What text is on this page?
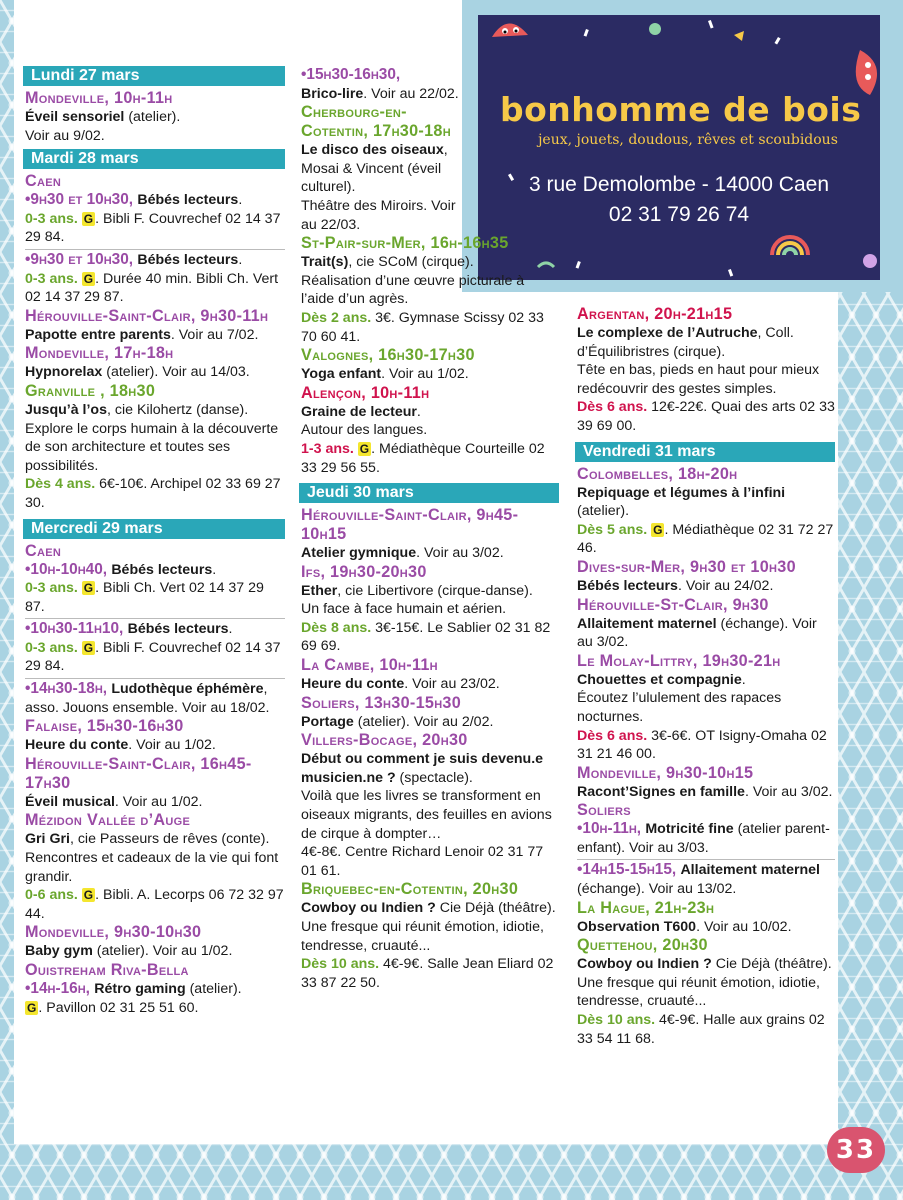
bonhomme de bois
jeux, jouets, doudous, rêves et scoubidous
3 rue Demolombe - 14000 Caen
02 31 79 26 74
Lundi 27 mars
Mondeville, 10h-11h
Éveil sensoriel (atelier).
Voir au 9/02.
Mardi 28 mars
Caen
•9h30 et 10h30, Bébés lecteurs.
0-3 ans. G . Bibli F. Couvrechef 02 14 37 29 84.
•9h30 et 10h30, Bébés lecteurs.
0-3 ans. G . Durée 40 min. Bibli Ch. Vert 02 14 37 29 87.
Hérouville-Saint-Clair, 9h30-11h
Papotte entre parents. Voir au 7/02.
Mondeville, 17h-18h
Hypnorelax (atelier). Voir au 14/03.
Granville , 18h30
Jusqu’à l’os, cie Kilohertz (danse).
Explore le corps humain à la découverte de son architecture et toutes ses possibilités.
Dès 4 ans. 6€-10€. Archipel 02 33 69 27 30.
Mercredi 29 mars
Caen
•10h-10h40, Bébés lecteurs.
0-3 ans. G . Bibli Ch. Vert 02 14 37 29 87.
•10h30-11h10, Bébés lecteurs.
0-3 ans. G . Bibli F. Couvrechef 02 14 37 29 84.
•14h30-18h, Ludothèque éphémère, asso. Jouons ensemble. Voir au 18/02.
Falaise, 15h30-16h30
Heure du conte. Voir au 1/02.
Hérouville-Saint-Clair, 16h45-17h30
Éveil musical. Voir au 1/02.
Mézidon Vallée d’Auge
Gri Gri, cie Passeurs de rêves (conte).
Rencontres et cadeaux de la vie qui font grandir.
0-6 ans. G . Bibli. A. Lecorps 06 72 32 97 44.
Mondeville, 9h30-10h30
Baby gym (atelier). Voir au 1/02.
Ouistreham Riva-Bella
•14h-16h, Rétro gaming (atelier).
G . Pavillon 02 31 25 51 60.
•15h30-16h30,
Brico-lire. Voir au 22/02.
Cherbourg-en-Cotentin, 17h30-18h
Le disco des oiseaux, Mosai & Vincent (éveil culturel).
Théâtre des Miroirs. Voir au 22/03.
St-Pair-sur-Mer, 16h-16h35
Trait(s), cie SCoM (cirque).
Réalisation d’une œuvre picturale à l’aide d’un agrès.
Dès 2 ans. 3€. Gymnase Scissy 02 33 70 60 41.
Valognes, 16h30-17h30
Yoga enfant. Voir au 1/02.
Alençon, 10h-11h
Graine de lecteur.
Autour des langues.
1-3 ans. G . Médiathèque Courteille 02 33 29 56 55.
Jeudi 30 mars
Hérouville-Saint-Clair, 9h45-10h15
Atelier gymnique. Voir au 3/02.
Ifs, 19h30-20h30
Ether, cie Libertivore (cirque-danse).
Un face à face humain et aérien.
Dès 8 ans. 3€-15€. Le Sablier 02 31 82 69 69.
La Cambe, 10h-11h
Heure du conte. Voir au 23/02.
Soliers, 13h30-15h30
Portage (atelier). Voir au 2/02.
Villers-Bocage, 20h30
Début ou comment je suis devenu.e musicien.ne ? (spectacle).
Voilà que les livres se transforment en oiseaux migrants, des feuilles en avions de cirque à dompter…
4€-8€. Centre Richard Lenoir 02 31 77 01 61.
Briquebec-en-Cotentin, 20h30
Cowboy ou Indien ? Cie Déjà (théâtre).
Une fresque qui réunit émotion, idiotie, tendresse, cruauté...
Dès 10 ans. 4€-9€. Salle Jean Eliard 02 33 87 22 50.
Argentan, 20h-21h15
Le complexe de l’Autruche, Coll. d’Équilibristres (cirque).
Tête en bas, pieds en haut pour mieux redécouvrir des gestes simples.
Dès 6 ans. 12€-22€. Quai des arts 02 33 39 69 00.
Vendredi 31 mars
Colombelles, 18h-20h
Repiquage et légumes à l’infini (atelier).
Dès 5 ans. G . Médiathèque 02 31 72 27 46.
Dives-sur-Mer, 9h30 et 10h30
Bébés lecteurs. Voir au 24/02.
Hérouville-St-Clair, 9h30
Allaitement maternel (échange). Voir au 3/02.
Le Molay-Littry, 19h30-21h
Chouettes et compagnie.
Écoutez l’ululement des rapaces nocturnes.
Dès 6 ans. 3€-6€. OT Isigny-Omaha 02 31 21 46 00.
Mondeville, 9h30-10h15
Racont’Signes en famille. Voir au 3/02.
Soliers
•10h-11h, Motricité fine (atelier parent-enfant). Voir au 3/03.
•14h15-15h15, Allaitement maternel (échange). Voir au 13/02.
La Hague, 21h-23h
Observation T600. Voir au 10/02.
Quettehou, 20h30
Cowboy ou Indien ? Cie Déjà (théâtre).
Une fresque qui réunit émotion, idiotie, tendresse, cruauté...
Dès 10 ans. 4€-9€. Halle aux grains 02 33 54 11 68.
33
